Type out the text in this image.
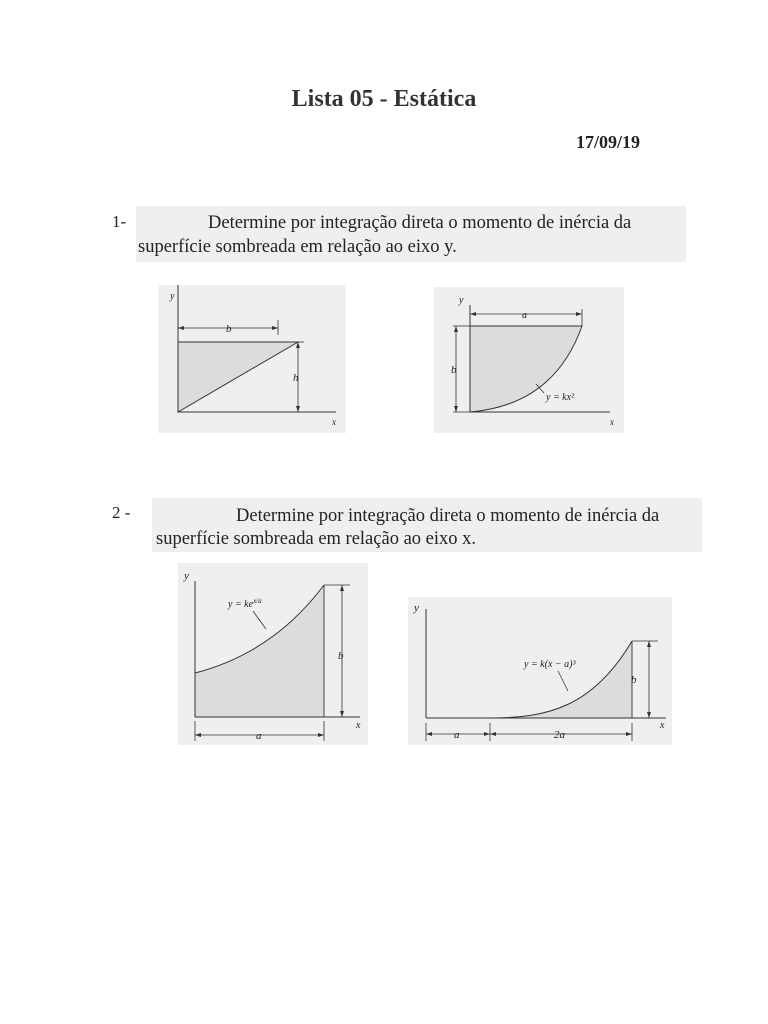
Lista 05 - Estática
17/09/19
1-	Determine por integração direta o momento de inércia da
superfície sombreada em relação ao eixo y.
y
x
b
h
y
x
a
b
y = kx²
2 -	Determine por integração direta o momento de inércia da
superfície sombreada em relação ao eixo x.
y
x
$y = ke^{x/a}$
b
a
y
x
y = k(x − a)³
b
a	2a
